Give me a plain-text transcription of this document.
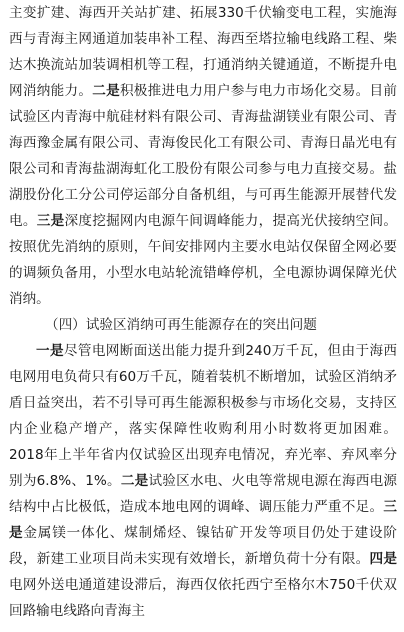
主变扩建、海西开关站扩建、拓展330千伏输变电工程，实施海西与青海主网通道加装串补工程、海西至塔拉输电线路工程、柴达木换流站加装调相机等工程，打通消纳关键通道，不断提升电网消纳能力。二是积极推进电力用户参与电力市场化交易。目前试验区内青海中航硅材料有限公司、青海盐湖镁业有限公司、青海西豫金属有限公司、青海俊民化工有限公司、青海日晶光电有限公司和青海盐湖海虹化工股份有限公司参与电力直接交易。盐湖股份化工分公司停运部分自备机组，与可再生能源开展替代发电。三是深度挖掘网内电源午间调峰能力，提高光伏接纳空间。按照优先消纳的原则，午间安排网内主要水电站仅保留全网必要的调频负备用，小型水电站轮流错峰停机，全电源协调保障光伏消纳。

（四）试验区消纳可再生能源存在的突出问题

一是尽管电网断面送出能力提升到240万千瓦，但由于海西电网用电负荷只有60万千瓦，随着装机不断增加，试验区消纳矛盾日益突出，若不引导可再生能源积极参与市场化交易，支持区内企业稳产增产，落实保障性收购利用小时数将更加困难。2018年上半年省内仅试验区出现弃电情况，弃光率、弃风率分别为6.8%、1%。二是试验区水电、火电等常规电源在海西电源结构中占比极低，造成本地电网的调峰、调压能力严重不足。三是金属镁一体化、煤制烯烃、镍钴矿开发等项目仍处于建设阶段，新建工业项目尚未实现有效增长，新增负荷十分有限。四是电网外送电通道建设滞后，海西仅依托西宁至格尔木750千伏双回路输电线路向青海主
